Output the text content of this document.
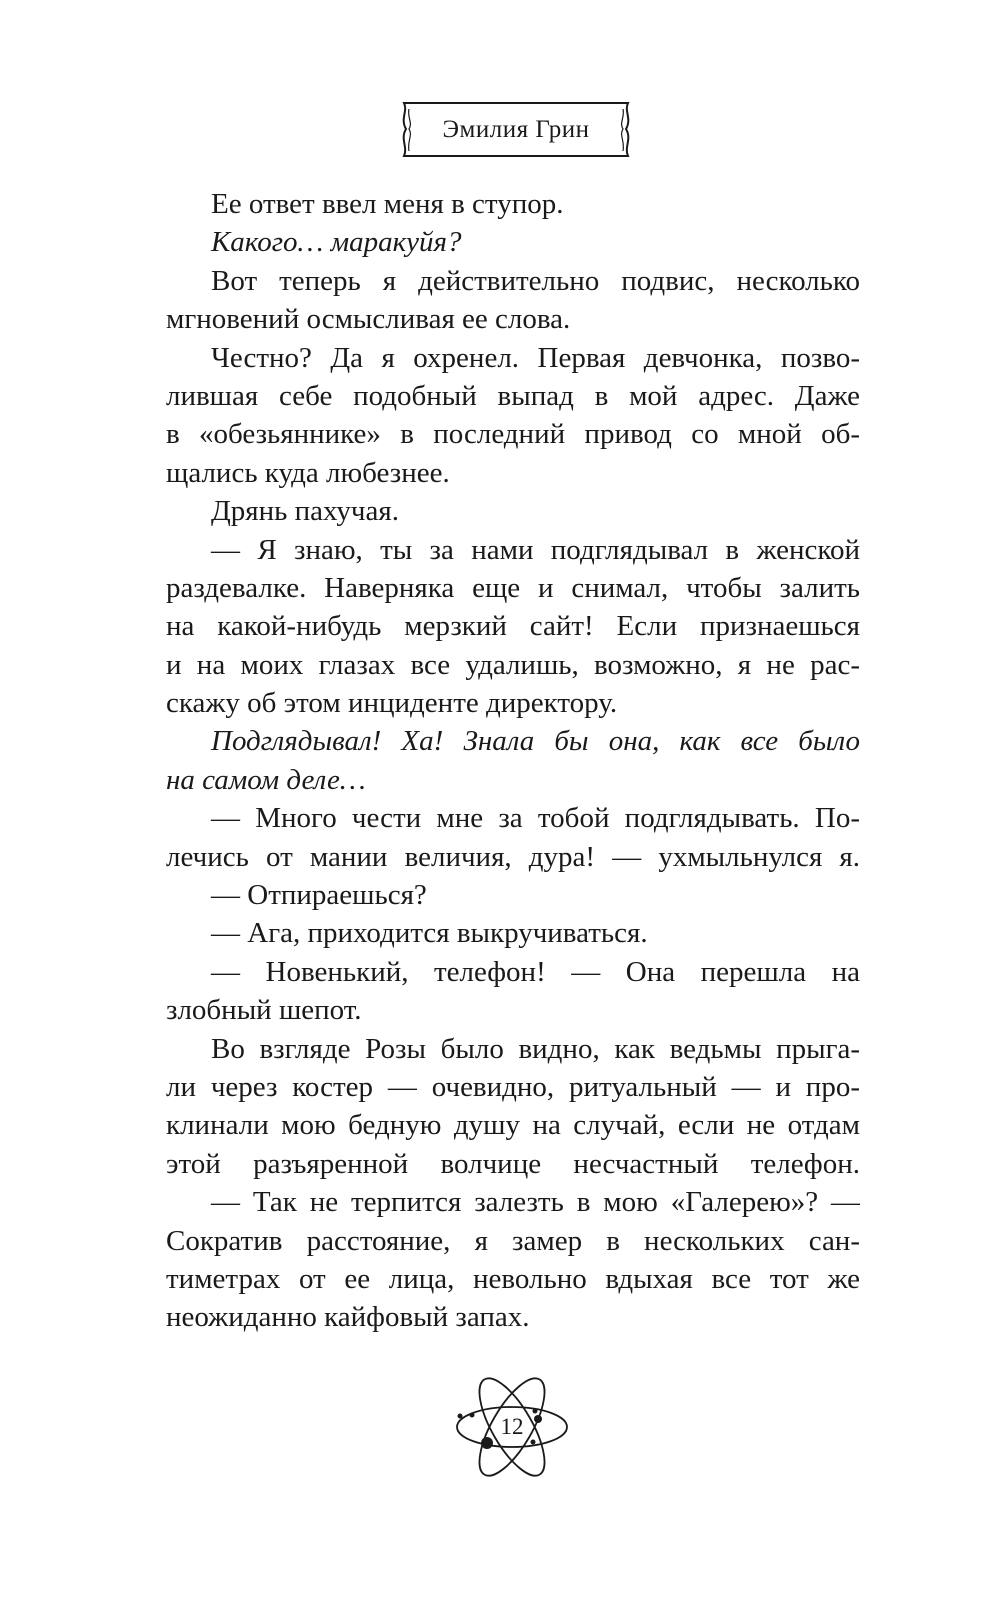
Эмилия Грин
Ее ответ ввел меня в ступор.
Какого… маракуйя?
Вот теперь я действительно подвис, несколько
мгновений осмысливая ее слова.
Честно? Да я охренел. Первая девчонка, позво-
лившая себе подобный выпад в мой адрес. Даже
в «обезьяннике» в последний привод со мной об-
щались куда любезнее.
Дрянь пахучая.
— Я знаю, ты за нами подглядывал в женской
раздевалке. Наверняка еще и снимал, чтобы залить
на какой-нибудь мерзкий сайт! Если признаешься
и на моих глазах все удалишь, возможно, я не рас-
скажу об этом инциденте директору.
Подглядывал! Ха! Знала бы она, как все было
на самом деле…
— Много чести мне за тобой подглядывать. По-
лечись от мании величия, дура! — ухмыльнулся я.
— Отпираешься?
— Ага, приходится выкручиваться.
— Новенький, телефон! — Она перешла на
злобный шепот.
Во взгляде Розы было видно, как ведьмы прыга-
ли через костер — очевидно, ритуальный — и про-
клинали мою бедную душу на случай, если не отдам
этой разъяренной волчице несчастный телефон.
— Так не терпится залезть в мою «Галерею»? —
Сократив расстояние, я замер в нескольких сан-
тиметрах от ее лица, невольно вдыхая все тот же
неожиданно кайфовый запах.
12
